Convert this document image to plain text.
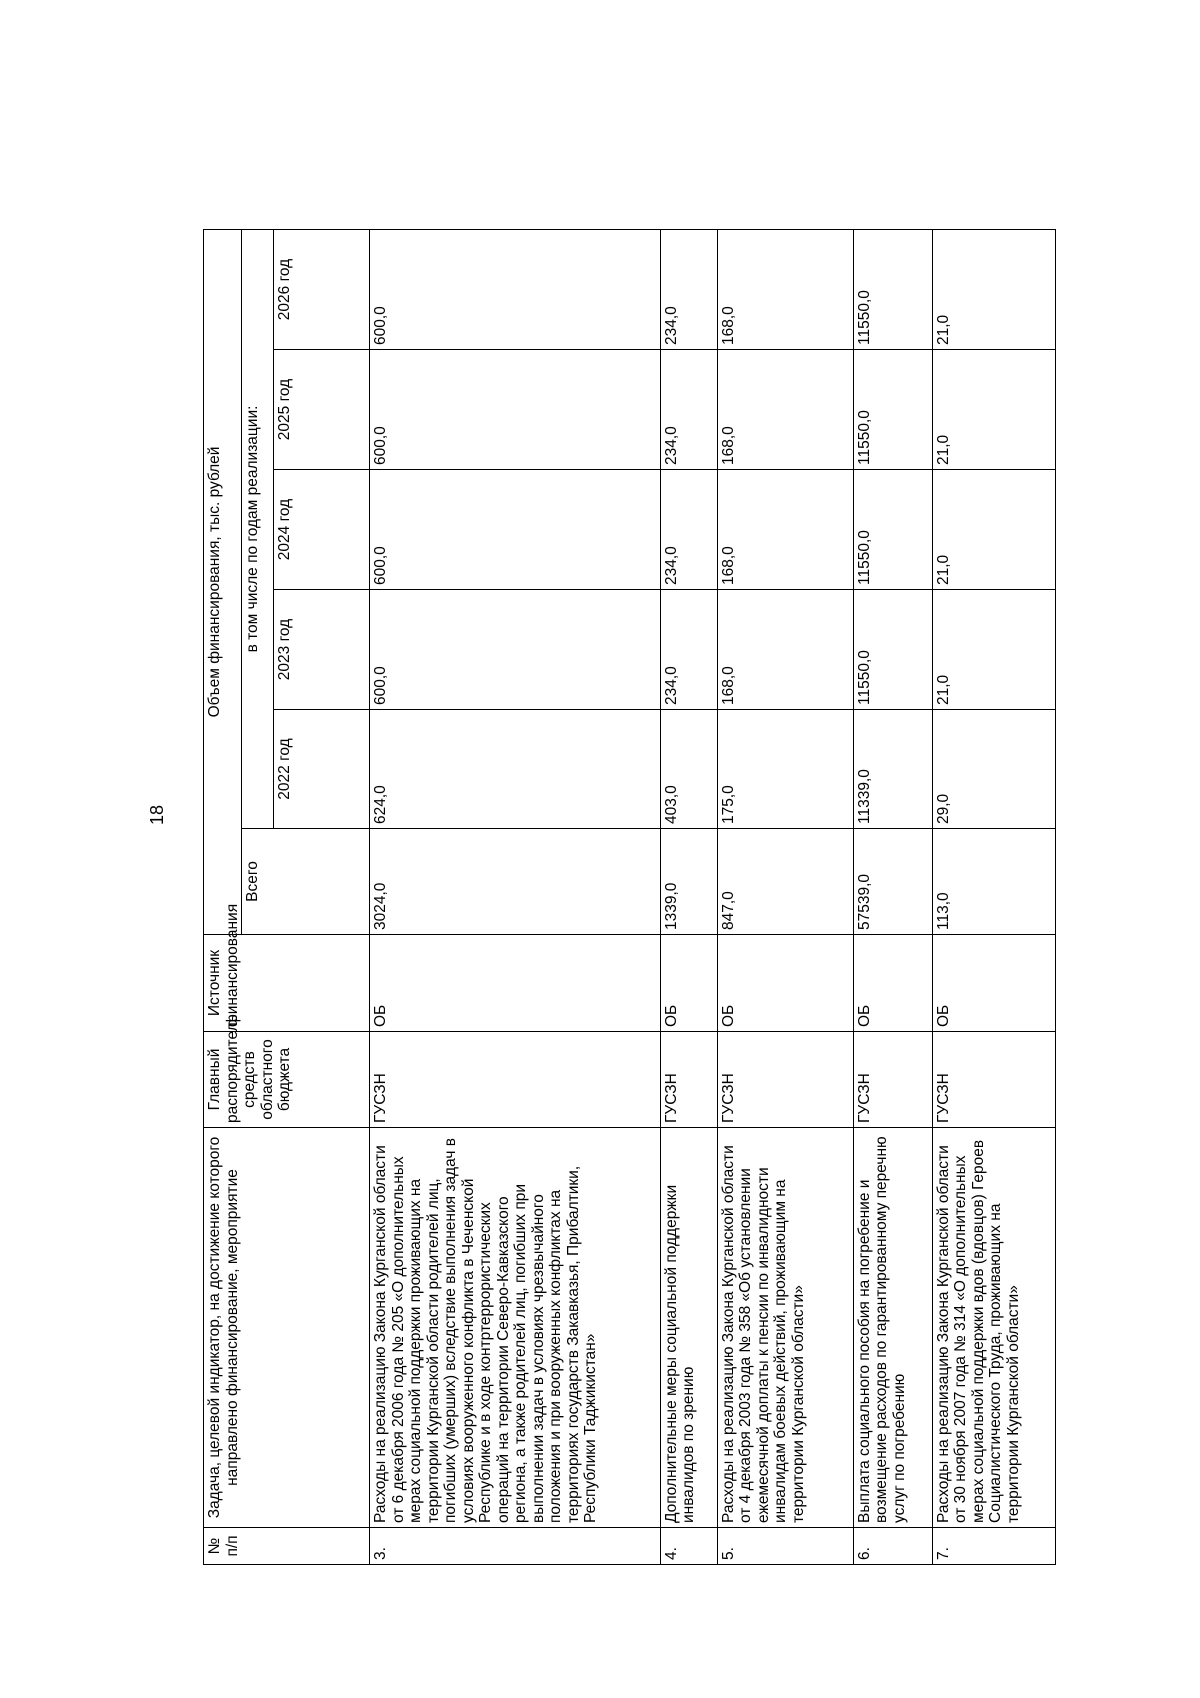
18
№ п/п	Задача, целевой индикатор, на достижение которого направлено финансирование, мероприятие	Главный распорядитель средств областного бюджета	Источник финансирования	Объем финансирования, тыс. рублей					
				Всего	в том числе по годам реализации:				
					2022 год	2023 год	2024 год	2025 год	2026 год
3.	Расходы на реализацию Закона Курганской области от 6 декабря 2006 года № 205 «О дополнительных мерах социальной поддержки проживающих на территории Курганской области родителей лиц, погибших (умерших) вследствие выполнения задач в условиях вооруженного конфликта в Чеченской Республике и в ходе контртеррористических операций на территории Северо-Кавказского региона, а также родителей лиц, погибших при выполнении задач в условиях чрезвычайного положения и при вооруженных конфликтах на территориях государств Закавказья, Прибалтики, Республики Таджикистан»	ГУСЗН	ОБ	3024,0	624,0	600,0	600,0	600,0	600,0
4.	Дополнительные меры социальной поддержки инвалидов по зрению	ГУСЗН	ОБ	1339,0	403,0	234,0	234,0	234,0	234,0
5.	Расходы на реализацию Закона Курганской области от 4 декабря 2003 года № 358 «Об установлении ежемесячной доплаты к пенсии по инвалидности инвалидам боевых действий, проживающим на территории Курганской области»	ГУСЗН	ОБ	847,0	175,0	168,0	168,0	168,0	168,0
6.	Выплата социального пособия на погребение и возмещение расходов по гарантированному перечню услуг по погребению	ГУСЗН	ОБ	57539,0	11339,0	11550,0	11550,0	11550,0	11550,0
7.	Расходы на реализацию Закона Курганской области от 30 ноября 2007 года № 314 «О дополнительных мерах социальной поддержки вдов (вдовцов) Героев Социалистического Труда, проживающих на территории Курганской области»	ГУСЗН	ОБ	113,0	29,0	21,0	21,0	21,0	21,0
